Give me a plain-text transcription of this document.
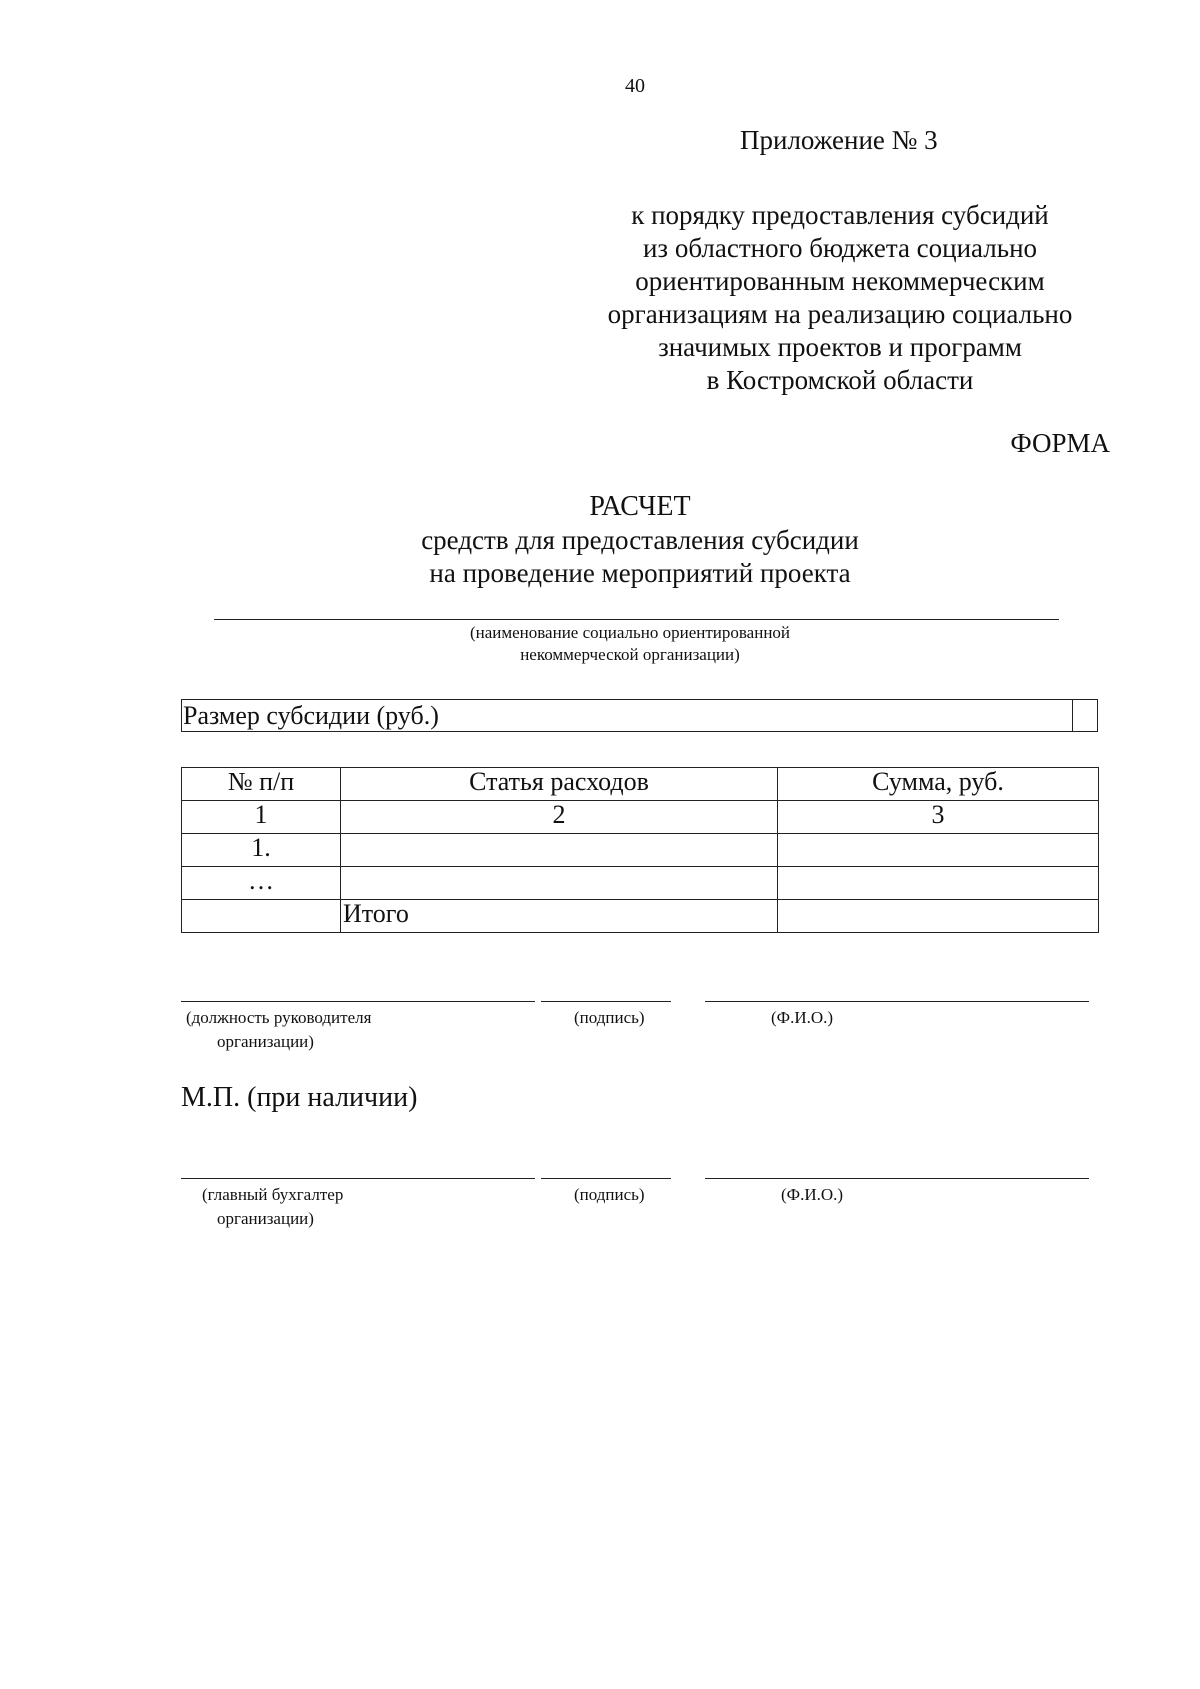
40
Приложение № 3
к порядку предоставления субсидий
из областного бюджета социально
ориентированным некоммерческим
организациям на реализацию социально
значимых проектов и программ
в Костромской области
ФОРМА
РАСЧЕТ
средств для предоставления субсидии
на проведение мероприятий проекта
(наименование социально ориентированной
некоммерческой организации)
Размер субсидии (руб.)
№ п/п	Статья расходов	Сумма, руб.
1	2	3
1.		
…		
	Итого	
(должность руководителя
организации)
(подпись)	(Ф.И.О.)
М.П. (при наличии)
(главный бухгалтер
организации)
(подпись)	(Ф.И.О.)
